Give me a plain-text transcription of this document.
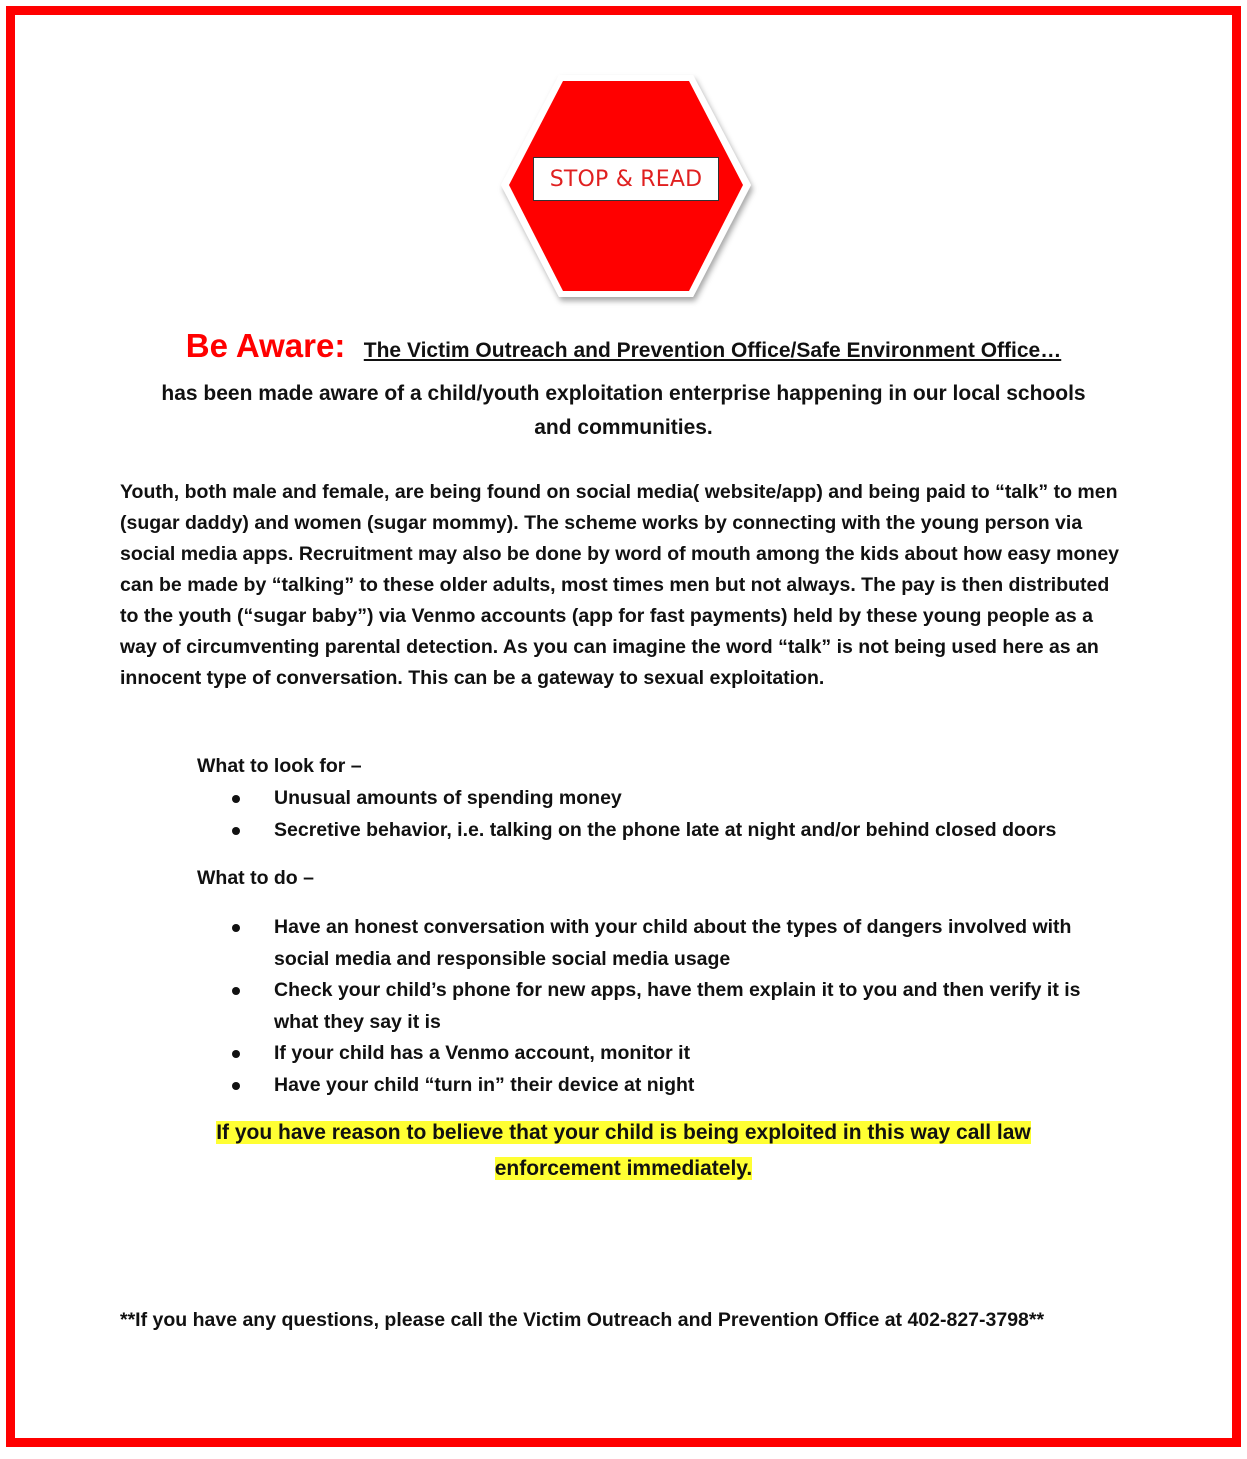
STOP & READ
Be Aware: The Victim Outreach and Prevention Office/Safe Environment Office…
has been made aware of a child/youth exploitation enterprise happening in our local schools and communities.
Youth, both male and female, are being found on social media( website/app) and being paid to “talk” to men (sugar daddy) and women (sugar mommy). The scheme works by connecting with the young person via social media apps. Recruitment may also be done by word of mouth among the kids about how easy money can be made by “talking” to these older adults, most times men but not always. The pay is then distributed to the youth (“sugar baby”) via Venmo accounts (app for fast payments) held by these young people as a way of circumventing parental detection. As you can imagine the word “talk” is not being used here as an innocent type of conversation. This can be a gateway to sexual exploitation.
What to look for –
Unusual amounts of spending money
Secretive behavior, i.e. talking on the phone late at night and/or behind closed doors
What to do –
Have an honest conversation with your child about the types of dangers involved with social media and responsible social media usage
Check your child’s phone for new apps, have them explain it to you and then verify it is what they say it is
If your child has a Venmo account, monitor it
Have your child “turn in” their device at night
If you have reason to believe that your child is being exploited in this way call law enforcement immediately.
**If you have any questions, please call the Victim Outreach and Prevention Office at 402-827-3798**
